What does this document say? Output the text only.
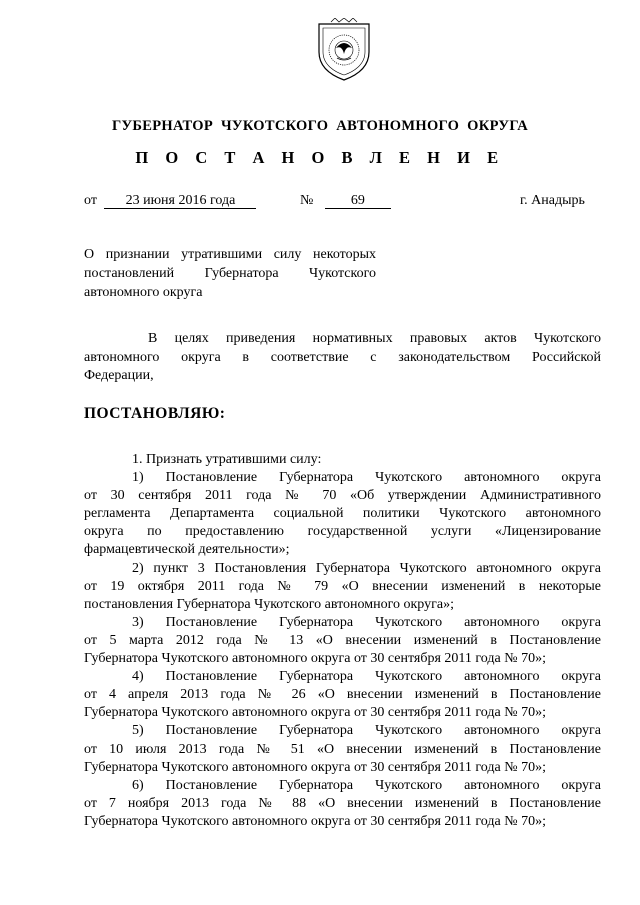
ГУБЕРНАТОР ЧУКОТСКОГО АВТОНОМНОГО ОКРУГА
П О С Т А Н О В Л Е Н И Е
от 23 июня 2016 года	№	69	г. Анадырь
О признании утратившими силу некоторых
постановлений Губернатора Чукотского
автономного округа
В целях приведения нормативных правовых актов Чукотского
автономного округа в соответствие с законодательством Российской
Федерации,
ПОСТАНОВЛЯЮ:
1. Признать утратившими силу:
1) Постановление Губернатора Чукотского автономного округа
от 30 сентября 2011 года № 70 «Об утверждении Административного
регламента Департамента социальной политики Чукотского автономного
округа по предоставлению государственной услуги «Лицензирование
фармацевтической деятельности»;
2) пункт 3 Постановления Губернатора Чукотского автономного округа
от 19 октября 2011 года № 79 «О внесении изменений в некоторые
постановления Губернатора Чукотского автономного округа»;
3) Постановление Губернатора Чукотского автономного округа
от 5 марта 2012 года № 13 «О внесении изменений в Постановление
Губернатора Чукотского автономного округа от 30 сентября 2011 года № 70»;
4) Постановление Губернатора Чукотского автономного округа
от 4 апреля 2013 года № 26 «О внесении изменений в Постановление
Губернатора Чукотского автономного округа от 30 сентября 2011 года № 70»;
5) Постановление Губернатора Чукотского автономного округа
от 10 июля 2013 года № 51 «О внесении изменений в Постановление
Губернатора Чукотского автономного округа от 30 сентября 2011 года № 70»;
6) Постановление Губернатора Чукотского автономного округа
от 7 ноября 2013 года № 88 «О внесении изменений в Постановление
Губернатора Чукотского автономного округа от 30 сентября 2011 года № 70»;
